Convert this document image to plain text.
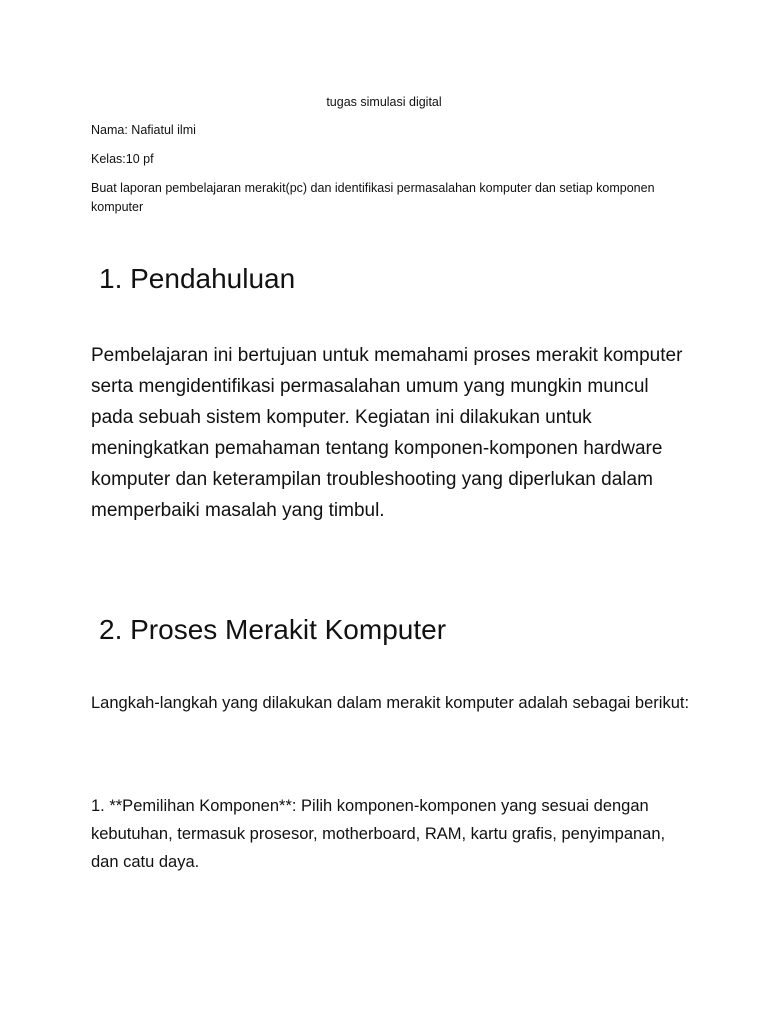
tugas simulasi digital
Nama: Nafiatul ilmi
Kelas:10 pf
Buat laporan pembelajaran merakit(pc) dan identifikasi permasalahan komputer dan setiap komponen komputer
1. Pendahuluan

Pembelajaran ini bertujuan untuk memahami proses merakit komputer serta mengidentifikasi permasalahan umum yang mungkin muncul pada sebuah sistem komputer. Kegiatan ini dilakukan untuk meningkatkan pemahaman tentang komponen-komponen hardware komputer dan keterampilan troubleshooting yang diperlukan dalam memperbaiki masalah yang timbul.

2. Proses Merakit Komputer

Langkah-langkah yang dilakukan dalam merakit komputer adalah sebagai berikut:

1. **Pemilihan Komponen**: Pilih komponen-komponen yang sesuai dengan kebutuhan, termasuk prosesor, motherboard, RAM, kartu grafis, penyimpanan, dan catu daya.
